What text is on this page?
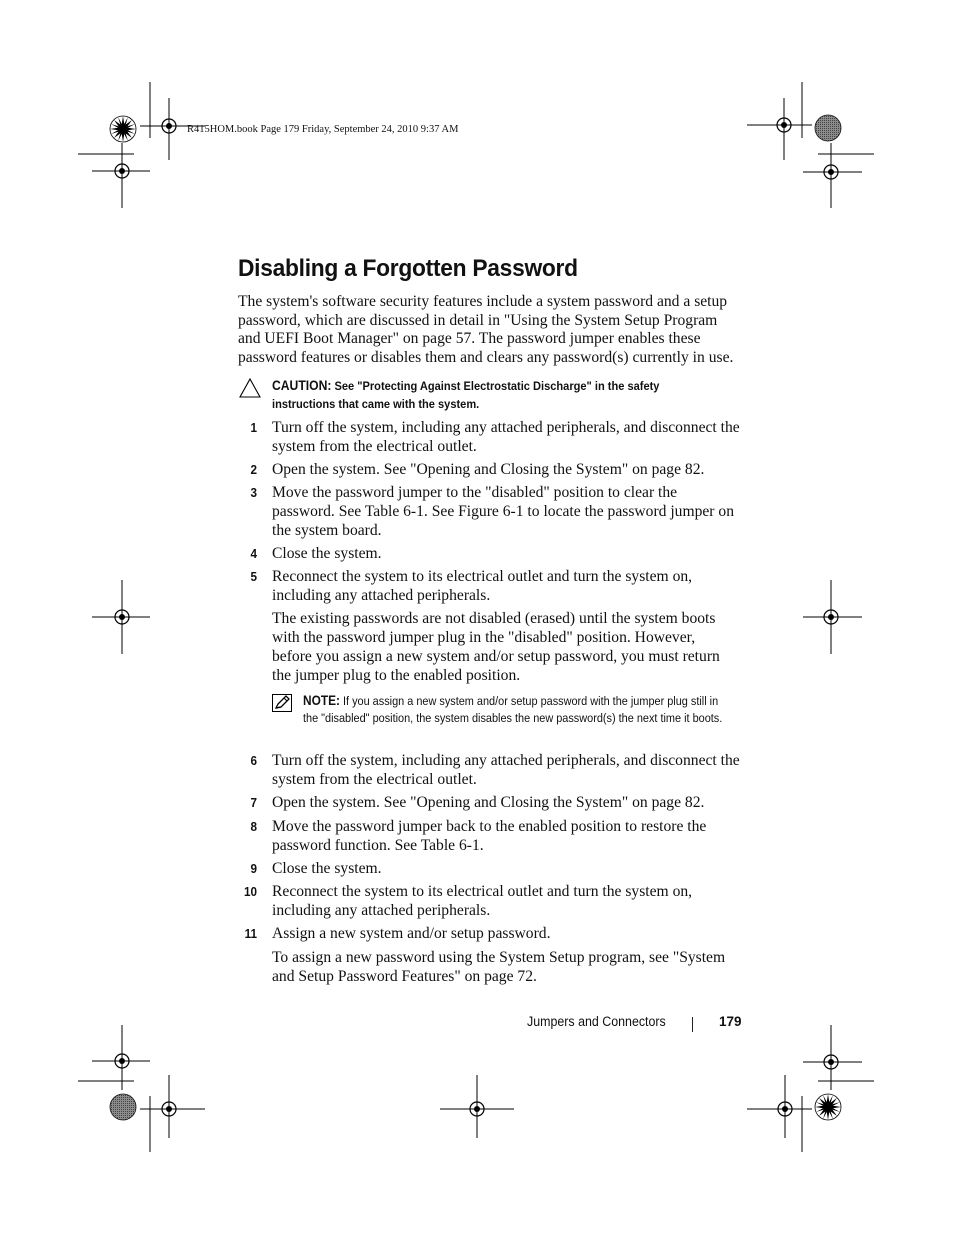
R415HOM.book Page 179 Friday, September 24, 2010 9:37 AM
Disabling a Forgotten Password

The system's software security features include a system password and a setup password, which are discussed in detail in "Using the System Setup Program and UEFI Boot Manager" on page 57. The password jumper enables these password features or disables them and clears any password(s) currently in use.

CAUTION: See "Protecting Against Electrostatic Discharge" in the safety instructions that came with the system.
1 Turn off the system, including any attached peripherals, and disconnect the system from the electrical outlet.
2 Open the system. See "Opening and Closing the System" on page 82.
3 Move the password jumper to the "disabled" position to clear the password. See Table 6-1. See Figure 6-1 to locate the password jumper on the system board.
4 Close the system.
5 Reconnect the system to its electrical outlet and turn the system on, including any attached peripherals.

The existing passwords are not disabled (erased) until the system boots with the password jumper plug in the "disabled" position. However, before you assign a new system and/or setup password, you must return the jumper plug to the enabled position.

NOTE: If you assign a new system and/or setup password with the jumper plug still in the "disabled" position, the system disables the new password(s) the next time it boots.
6 Turn off the system, including any attached peripherals, and disconnect the system from the electrical outlet.
7 Open the system. See "Opening and Closing the System" on page 82.
8 Move the password jumper back to the enabled position to restore the password function. See Table 6-1.
9 Close the system.
10 Reconnect the system to its electrical outlet and turn the system on, including any attached peripherals.
11 Assign a new system and/or setup password.

To assign a new password using the System Setup program, see "System and Setup Password Features" on page 72.

Jumpers and Connectors	179
